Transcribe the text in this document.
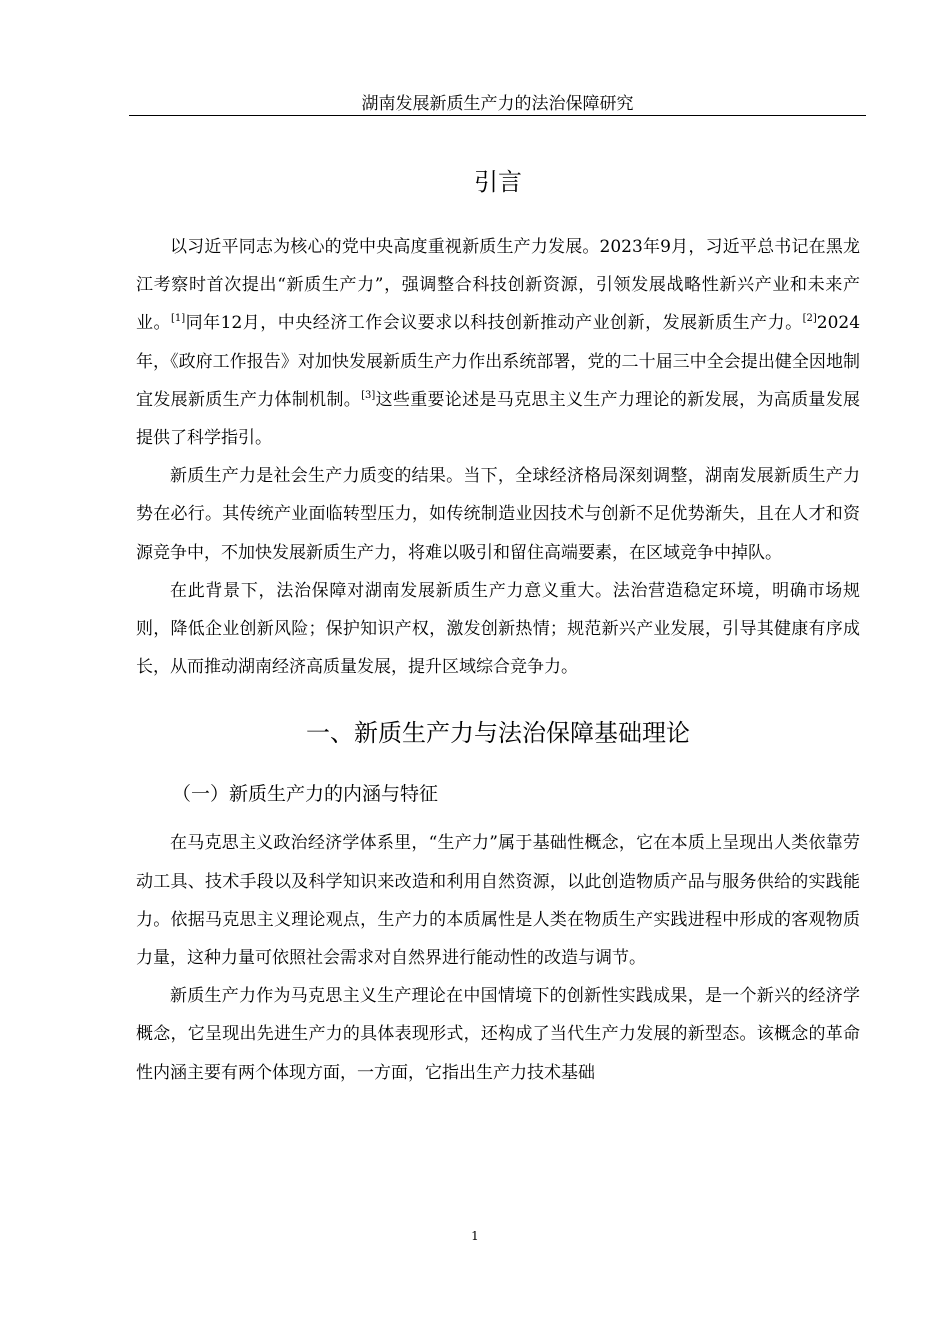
湖南发展新质生产力的法治保障研究
引言

以习近平同志为核心的党中央高度重视新质生产力发展。2023年9月，习近平总书记在黑龙江考察时首次提出“新质生产力”，强调整合科技创新资源，引领发展战略性新兴产业和未来产业。[1]同年12月，中央经济工作会议要求以科技创新推动产业创新，发展新质生产力。[2]2024年，《政府工作报告》对加快发展新质生产力作出系统部署，党的二十届三中全会提出健全因地制宜发展新质生产力体制机制。[3]这些重要论述是马克思主义生产力理论的新发展，为高质量发展提供了科学指引。

新质生产力是社会生产力质变的结果。当下，全球经济格局深刻调整，湖南发展新质生产力势在必行。其传统产业面临转型压力，如传统制造业因技术与创新不足优势渐失，且在人才和资源竞争中，不加快发展新质生产力，将难以吸引和留住高端要素，在区域竞争中掉队。

在此背景下，法治保障对湖南发展新质生产力意义重大。法治营造稳定环境，明确市场规则，降低企业创新风险；保护知识产权，激发创新热情；规范新兴产业发展，引导其健康有序成长，从而推动湖南经济高质量发展，提升区域综合竞争力。

一、新质生产力与法治保障基础理论
（一）新质生产力的内涵与特征

在马克思主义政治经济学体系里，“生产力”属于基础性概念，它在本质上呈现出人类依靠劳动工具、技术手段以及科学知识来改造和利用自然资源，以此创造物质产品与服务供给的实践能力。依据马克思主义理论观点，生产力的本质属性是人类在物质生产实践进程中形成的客观物质力量，这种力量可依照社会需求对自然界进行能动性的改造与调节。

新质生产力作为马克思主义生产理论在中国情境下的创新性实践成果，是一个新兴的经济学概念，它呈现出先进生产力的具体表现形式，还构成了当代生产力发展的新型态。该概念的革命性内涵主要有两个体现方面，一方面，它指出生产力技术基础

1
